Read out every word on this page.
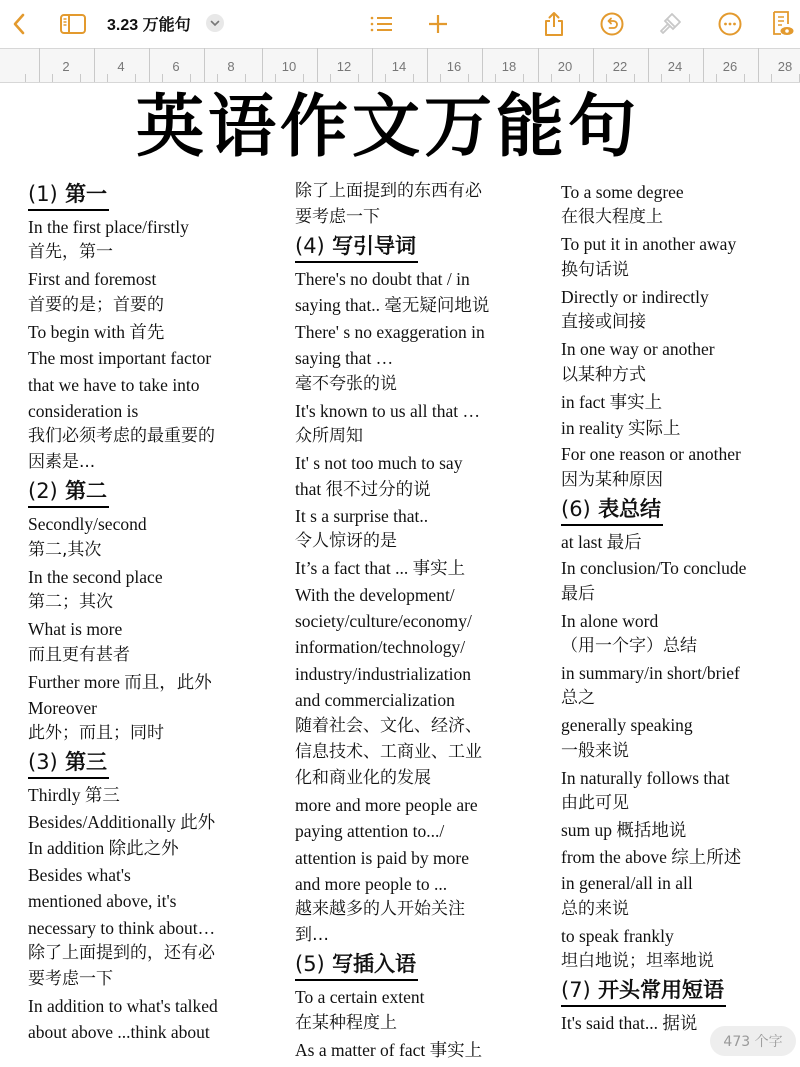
3.23 万能句
2	4	6	8	10	12	14	16	18	20	22	24	26	28
英语作文万能句
(1) 第一
In the first place/firstly
首先，第一
First and foremost
首要的是；首要的
To begin with 首先
The most important factor
that we have to take into
consideration is
我们必须考虑的最重要的
因素是...
(2) 第二
Secondly/second
第二,其次
In the second place
第二；其次
What is more
而且更有甚者
Further more 而且，此外
Moreover
此外；而且；同时
(3) 第三
Thirdly 第三
Besides/Additionally 此外
In addition 除此之外
Besides what's
mentioned above, it's
necessary to think about…
除了上面提到的，还有必
要考虑一下
In addition to what's talked
about above ...think about
除了上面提到的东西有必
要考虑一下
(4) 写引导词
There's no doubt that / in
saying that.. 毫无疑问地说
There' s no exaggeration in
saying that …
毫不夸张的说
It's known to us all that …
众所周知
It' s not too much to say
that 很不过分的说
It s a surprise that..
令人惊讶的是
It’s a fact that ... 事实上
With the development/
society/culture/economy/
information/technology/
industry/industrialization
and commercialization
随着社会、文化、经济、
信息技术、工商业、工业
化和商业化的发展
more and more people are
paying attention to.../
attention is paid by more
and more people to ...
越来越多的人开始关注
到…
(5) 写插入语
To a certain extent
在某种程度上
As a matter of fact 事实上
To a some degree
在很大程度上
To put it in another away
换句话说
Directly or indirectly
直接或间接
In one way or another
以某种方式
in fact 事实上
in reality 实际上
For one reason or another
因为某种原因
(6) 表总结
at last 最后
In conclusion/To conclude
最后
In alone word
（用一个字）总结
in summary/in short/brief
总之
generally speaking
一般来说
In naturally follows that
由此可见
sum up 概括地说
from the above 综上所述
in general/all in all
总的来说
to speak frankly
坦白地说；坦率地说
(7) 开头常用短语
It's said that... 据说
473 个字
